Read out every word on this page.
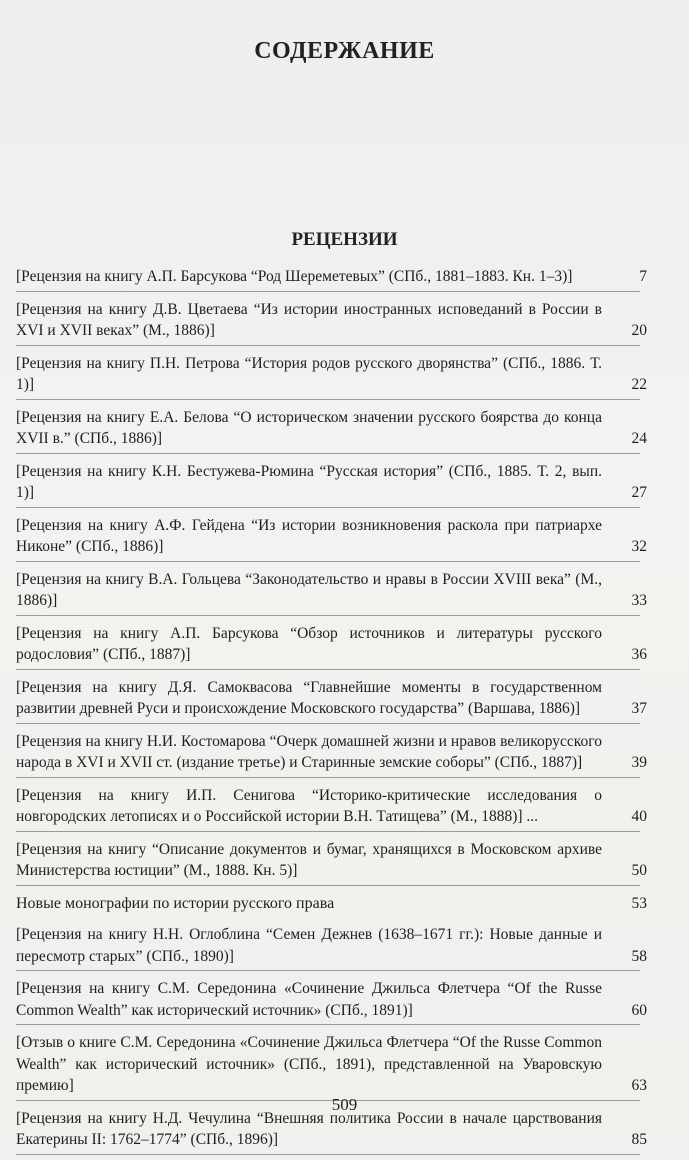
СОДЕРЖАНИЕ
РЕЦЕНЗИИ
[Рецензия на книгу А.П. Барсукова “Род Шереметевых” (СПб., 1881–1883. Кн. 1–3)]	7
[Рецензия на книгу Д.В. Цветаева “Из истории иностранных исповеданий в России в XVI и XVII веках” (М., 1886)]	20
[Рецензия на книгу П.Н. Петрова “История родов русского дворянства” (СПб., 1886. Т. 1)]	22
[Рецензия на книгу Е.А. Белова “О историческом значении русского боярства до конца XVII в.” (СПб., 1886)]	24
[Рецензия на книгу К.Н. Бестужева-Рюмина “Русская история” (СПб., 1885. Т. 2, вып. 1)]	27
[Рецензия на книгу А.Ф. Гейдена “Из истории возникновения раскола при патриархе Никоне” (СПб., 1886)]	32
[Рецензия на книгу В.А. Гольцева “Законодательство и нравы в России XVIII века” (М., 1886)]	33
[Рецензия на книгу А.П. Барсукова “Обзор источников и литературы русского родословия” (СПб., 1887)]	36
[Рецензия на книгу Д.Я. Самоквасова “Главнейшие моменты в государственном развитии древней Руси и происхождение Московского государства” (Варшава, 1886)]	37
[Рецензия на книгу Н.И. Костомарова “Очерк домашней жизни и нравов великорусского народа в XVI и XVII ст. (издание третье) и Старинные земские соборы” (СПб., 1887)]	39
[Рецензия на книгу И.П. Сенигова “Историко-критические исследования о новгородских летописях и о Российской истории В.Н. Татищева” (М., 1888)] ...	40
[Рецензия на книгу “Описание документов и бумаг, хранящихся в Московском архиве Министерства юстиции” (М., 1888. Кн. 5)]	50
Новые монографии по истории русского права	53
[Рецензия на книгу Н.Н. Оглоблина “Семен Дежнев (1638–1671 гг.): Новые данные и пересмотр старых” (СПб., 1890)]	58
[Рецензия на книгу С.М. Середонина «Сочинение Джильса Флетчера “Of the Russe Common Wealth” как исторический источник» (СПб., 1891)]	60
[Отзыв о книге С.М. Середонина «Сочинение Джильса Флетчера “Of the Russe Common Wealth” как исторический источник» (СПб., 1891), представленной на Уваровскую премию]	63
[Рецензия на книгу Н.Д. Чечулина “Внешняя политика России в начале царствования Екатерины II: 1762–1774” (СПб., 1896)]	85
509
